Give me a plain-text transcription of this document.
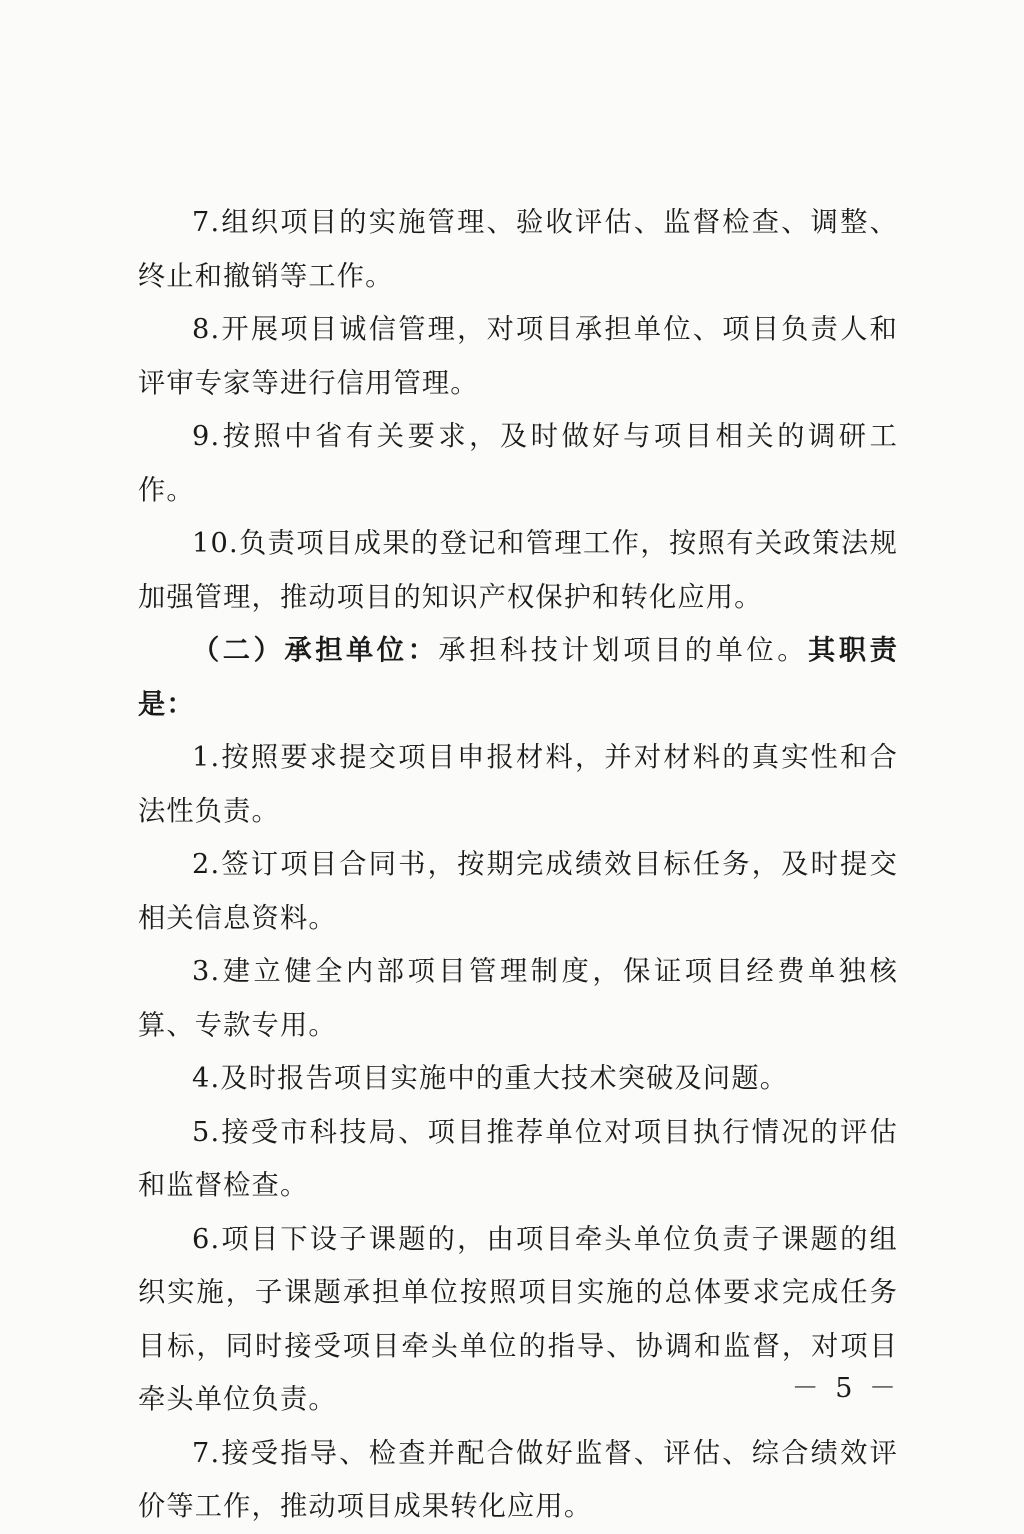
7.组织项目的实施管理、验收评估、监督检查、调整、终止和撤销等工作。

8.开展项目诚信管理，对项目承担单位、项目负责人和评审专家等进行信用管理。

9.按照中省有关要求，及时做好与项目相关的调研工作。

10.负责项目成果的登记和管理工作，按照有关政策法规加强管理，推动项目的知识产权保护和转化应用。

（二）承担单位：承担科技计划项目的单位。其职责是：

1.按照要求提交项目申报材料，并对材料的真实性和合法性负责。

2.签订项目合同书，按期完成绩效目标任务，及时提交相关信息资料。

3.建立健全内部项目管理制度，保证项目经费单独核算、专款专用。

4.及时报告项目实施中的重大技术突破及问题。

5.接受市科技局、项目推荐单位对项目执行情况的评估和监督检查。

6.项目下设子课题的，由项目牵头单位负责子课题的组织实施，子课题承担单位按照项目实施的总体要求完成任务目标，同时接受项目牵头单位的指导、协调和监督，对项目牵头单位负责。

7.接受指导、检查并配合做好监督、评估、综合绩效评价等工作，推动项目成果转化应用。

－ 5 －
